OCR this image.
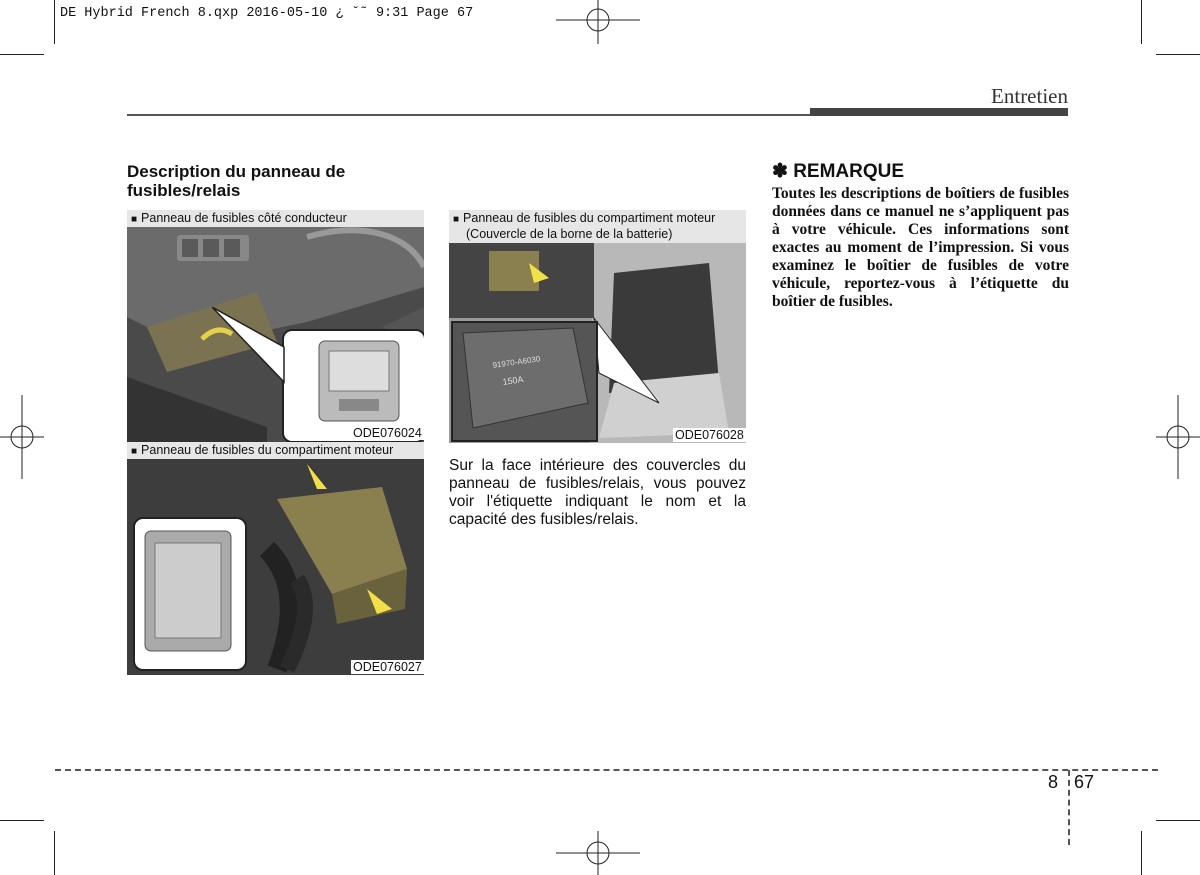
DE Hybrid French 8.qxp 2016-05-10 ¿ ˘˜ 9:31 Page 67
Entretien
Description du panneau de fusibles/relais
■ Panneau de fusibles côté conducteur
ODE076024
■ Panneau de fusibles du compartiment moteur
ODE076027
■ Panneau de fusibles du compartiment moteur
(Couvercle de la borne de la batterie)
91970-A6030
150A
ODE076028
Sur la face intérieure des couvercles du panneau de fusibles/relais, vous pouvez voir l'étiquette indiquant le nom et la capacité des fusibles/relais.
✽ REMARQUE
Toutes les descriptions de boîtiers de fusibles données dans ce manuel ne s’appliquent pas à votre véhicule. Ces informations sont exactes au moment de l’impression. Si vous examinez le boîtier de fusibles de votre véhicule, reportez-vous à l’étiquette du boîtier de fusibles.
8 67
